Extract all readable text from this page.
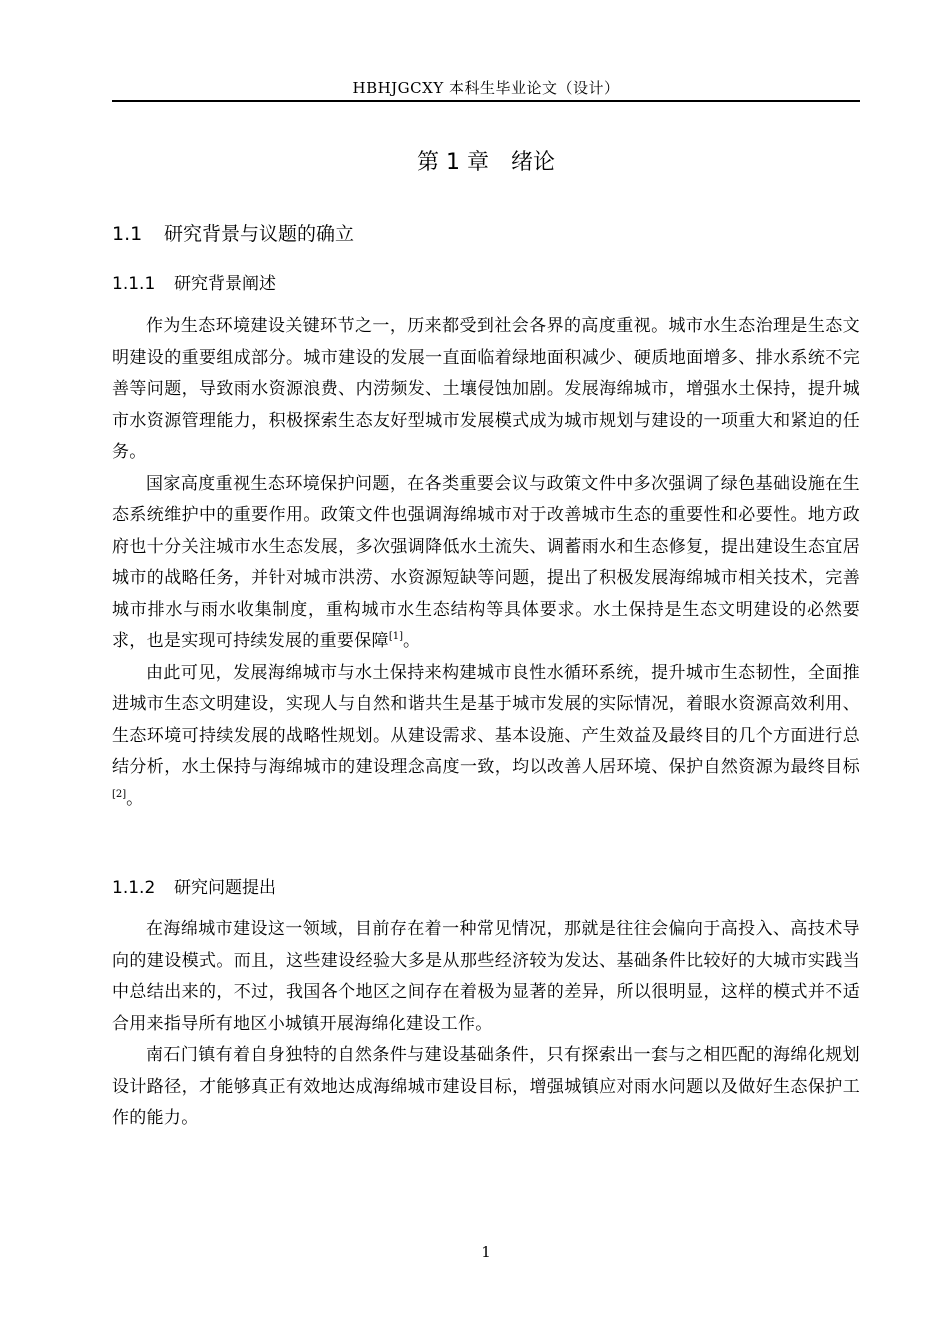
HBHJGCXY 本科生毕业论文（设计）
第 1 章 绪论
1.1 研究背景与议题的确立
1.1.1 研究背景阐述

作为生态环境建设关键环节之一，历来都受到社会各界的高度重视。城市水生态治理是生态文明建设的重要组成部分。城市建设的发展一直面临着绿地面积减少、硬质地面增多、排水系统不完善等问题，导致雨水资源浪费、内涝频发、土壤侵蚀加剧。发展海绵城市，增强水土保持，提升城市水资源管理能力，积极探索生态友好型城市发展模式成为城市规划与建设的一项重大和紧迫的任务。

国家高度重视生态环境保护问题，在各类重要会议与政策文件中多次强调了绿色基础设施在生态系统维护中的重要作用。政策文件也强调海绵城市对于改善城市生态的重要性和必要性。地方政府也十分关注城市水生态发展，多次强调降低水土流失、调蓄雨水和生态修复，提出建设生态宜居城市的战略任务，并针对城市洪涝、水资源短缺等问题，提出了积极发展海绵城市相关技术，完善城市排水与雨水收集制度，重构城市水生态结构等具体要求。水土保持是生态文明建设的必然要求，也是实现可持续发展的重要保障[1]。

由此可见，发展海绵城市与水土保持来构建城市良性水循环系统，提升城市生态韧性，全面推进城市生态文明建设，实现人与自然和谐共生是基于城市发展的实际情况，着眼水资源高效利用、生态环境可持续发展的战略性规划。从建设需求、基本设施、产生效益及最终目的几个方面进行总结分析，水土保持与海绵城市的建设理念高度一致，均以改善人居环境、保护自然资源为最终目标[2]。

1.1.2 研究问题提出

在海绵城市建设这一领域，目前存在着一种常见情况，那就是往往会偏向于高投入、高技术导向的建设模式。而且，这些建设经验大多是从那些经济较为发达、基础条件比较好的大城市实践当中总结出来的，不过，我国各个地区之间存在着极为显著的差异，所以很明显，这样的模式并不适合用来指导所有地区小城镇开展海绵化建设工作。

南石门镇有着自身独特的自然条件与建设基础条件，只有探索出一套与之相匹配的海绵化规划设计路径，才能够真正有效地达成海绵城市建设目标，增强城镇应对雨水问题以及做好生态保护工作的能力。

1
